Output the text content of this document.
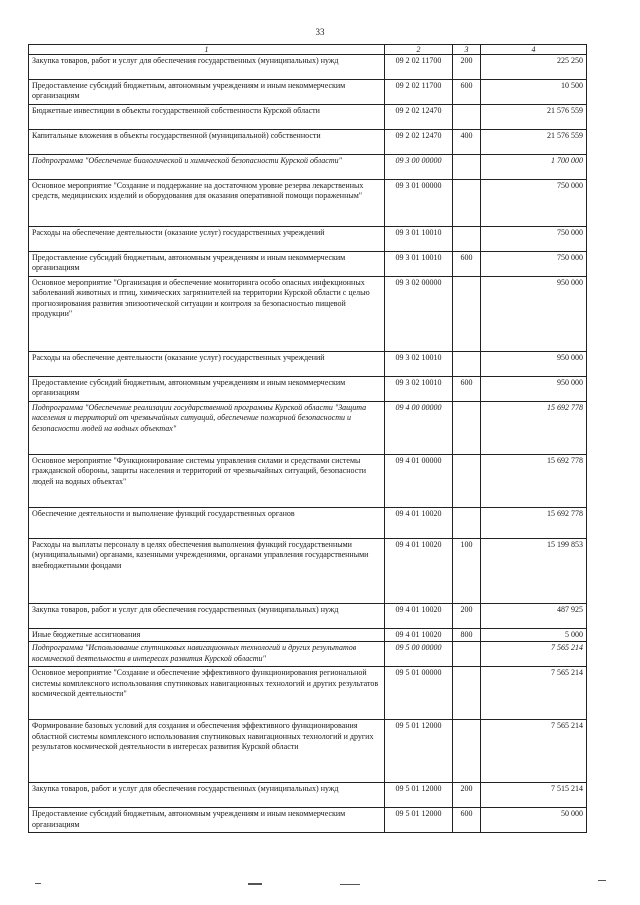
33
1	2	3	4
Закупка товаров, работ и услуг для обеспечения государственных (муниципальных) нужд	09 2 02 11700	200	225 250
Предоставление субсидий бюджетным, автономным учреждениям и иным некоммерческим организациям	09 2 02 11700	600	10 500
Бюджетные инвестиции в объекты государственной собственности Курской области	09 2 02 12470		21 576 559
Капитальные вложения в объекты государственной (муниципальной) собственности	09 2 02 12470	400	21 576 559
Подпрограмма "Обеспечение биологической и химической безопасности Курской области"	09 3 00 00000		1 700 000
Основное мероприятие "Создание и поддержание на достаточном уровне резерва лекарственных средств, медицинских изделий и оборудования для оказания оперативной помощи пораженным"	09 3 01 00000		750 000
Расходы на обеспечение деятельности (оказание услуг) государственных учреждений	09 3 01 10010		750 000
Предоставление субсидий бюджетным, автономным учреждениям и иным некоммерческим организациям	09 3 01 10010	600	750 000
Основное мероприятие "Организация и обеспечение мониторинга особо опасных инфекционных заболеваний животных и птиц, химических загрязнителей на территории Курской области с целью прогнозирования развития эпизоотической ситуации и контроля за безопасностью пищевой продукции"	09 3 02 00000		950 000
Расходы на обеспечение деятельности (оказание услуг) государственных учреждений	09 3 02 10010		950 000
Предоставление субсидий бюджетным, автономным учреждениям и иным некоммерческим организациям	09 3 02 10010	600	950 000
Подпрограмма "Обеспечение реализации государственной программы Курской области "Защита населения и территорий от чрезвычайных ситуаций, обеспечение пожарной безопасности и безопасности людей на водных объектах"	09 4 00 00000		15 692 778
Основное мероприятие "Функционирование системы управления силами и средствами системы гражданской обороны, защиты населения и территорий от чрезвычайных ситуаций, безопасности людей на водных объектах"	09 4 01 00000		15 692 778
Обеспечение деятельности и выполнение функций государственных органов	09 4 01 10020		15 692 778
Расходы на выплаты персоналу в целях обеспечения выполнения функций государственными (муниципальными) органами, казенными учреждениями, органами управления государственными внебюджетными фондами	09 4 01 10020	100	15 199 853
Закупка товаров, работ и услуг для обеспечения государственных (муниципальных) нужд	09 4 01 10020	200	487 925
Иные бюджетные ассигнования	09 4 01 10020	800	5 000
Подпрограмма "Использование спутниковых навигационных технологий и других результатов космической деятельности в интересах развития Курской области"	09 5 00 00000		7 565 214
Основное мероприятие "Создание и обеспечение эффективного функционирования региональной системы комплексного использования спутниковых навигационных технологий и других результатов космической деятельности"	09 5 01 00000		7 565 214
Формирование базовых условий для создания и обеспечения эффективного функционирования областной системы комплексного использования спутниковых навигационных технологий и других результатов космической деятельности в интересах развития Курской области	09 5 01 12000		7 565 214
Закупка товаров, работ и услуг для обеспечения государственных (муниципальных) нужд	09 5 01 12000	200	7 515 214
Предоставление субсидий бюджетным, автономным учреждениям и иным некоммерческим организациям	09 5 01 12000	600	50 000
